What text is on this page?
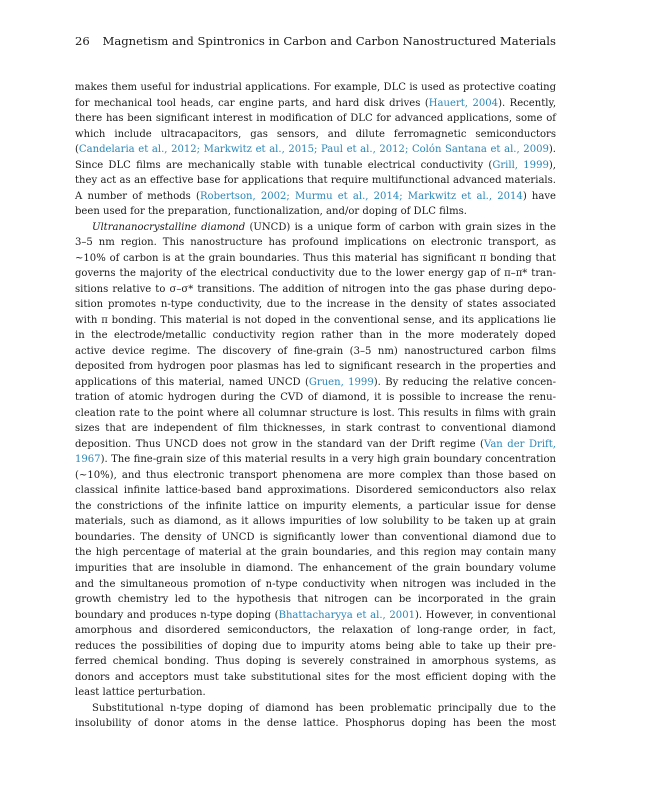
26 Magnetism and Spintronics in Carbon and Carbon Nanostructured Materials
makes them useful for industrial applications. For example, DLC is used as protective coating
for mechanical tool heads, car engine parts, and hard disk drives (Hauert, 2004). Recently,
there has been significant interest in modification of DLC for advanced applications, some of
which include ultracapacitors, gas sensors, and dilute ferromagnetic semiconductors
(Candelaria et al., 2012; Markwitz et al., 2015; Paul et al., 2012; Colón Santana et al., 2009).
Since DLC films are mechanically stable with tunable electrical conductivity (Grill, 1999),
they act as an effective base for applications that require multifunctional advanced materials.
A number of methods (Robertson, 2002; Murmu et al., 2014; Markwitz et al., 2014) have
been used for the preparation, functionalization, and/or doping of DLC films.
Ultrananocrystalline diamond (UNCD) is a unique form of carbon with grain sizes in the
3–5 nm region. This nanostructure has profound implications on electronic transport, as
~10% of carbon is at the grain boundaries. Thus this material has significant π bonding that
governs the majority of the electrical conductivity due to the lower energy gap of π–π* tran-
sitions relative to σ–σ* transitions. The addition of nitrogen into the gas phase during depo-
sition promotes n-type conductivity, due to the increase in the density of states associated
with π bonding. This material is not doped in the conventional sense, and its applications lie
in the electrode/metallic conductivity region rather than in the more moderately doped
active device regime. The discovery of fine-grain (3–5 nm) nanostructured carbon films
deposited from hydrogen poor plasmas has led to significant research in the properties and
applications of this material, named UNCD (Gruen, 1999). By reducing the relative concen-
tration of atomic hydrogen during the CVD of diamond, it is possible to increase the renu-
cleation rate to the point where all columnar structure is lost. This results in films with grain
sizes that are independent of film thicknesses, in stark contrast to conventional diamond
deposition. Thus UNCD does not grow in the standard van der Drift regime (Van der Drift,
1967). The fine-grain size of this material results in a very high grain boundary concentration
(~10%), and thus electronic transport phenomena are more complex than those based on
classical infinite lattice-based band approximations. Disordered semiconductors also relax
the constrictions of the infinite lattice on impurity elements, a particular issue for dense
materials, such as diamond, as it allows impurities of low solubility to be taken up at grain
boundaries. The density of UNCD is significantly lower than conventional diamond due to
the high percentage of material at the grain boundaries, and this region may contain many
impurities that are insoluble in diamond. The enhancement of the grain boundary volume
and the simultaneous promotion of n-type conductivity when nitrogen was included in the
growth chemistry led to the hypothesis that nitrogen can be incorporated in the grain
boundary and produces n-type doping (Bhattacharyya et al., 2001). However, in conventional
amorphous and disordered semiconductors, the relaxation of long-range order, in fact,
reduces the possibilities of doping due to impurity atoms being able to take up their pre-
ferred chemical bonding. Thus doping is severely constrained in amorphous systems, as
donors and acceptors must take substitutional sites for the most efficient doping with the
least lattice perturbation.
Substitutional n-type doping of diamond has been problematic principally due to the
insolubility of donor atoms in the dense lattice. Phosphorus doping has been the most
